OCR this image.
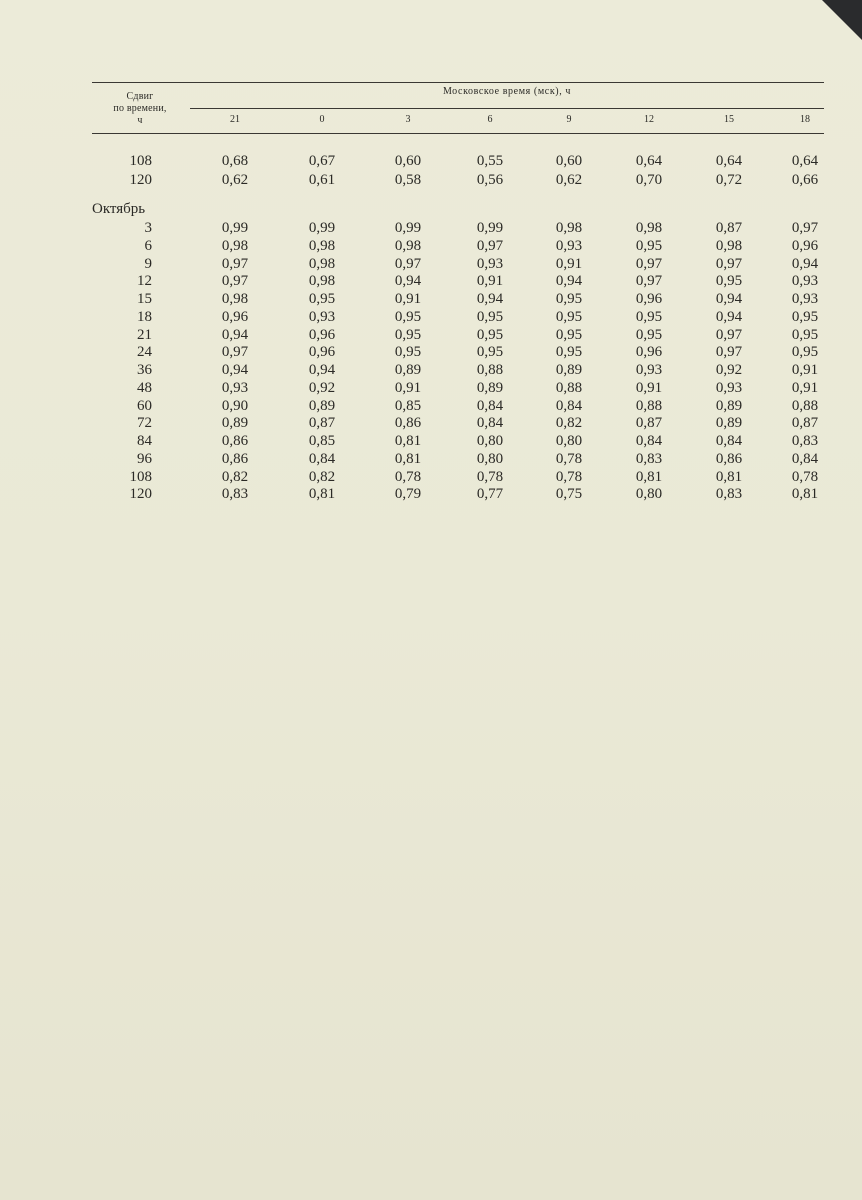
Сдвиг
по времени,
ч
Московское время (мск), ч
21	0	3	6	9	12	15	18
108	0,68	0,67	0,60	0,55	0,60	0,64	0,64	0,64
120	0,62	0,61	0,58	0,56	0,62	0,70	0,72	0,66
Октябрь
3	0,99	0,99	0,99	0,99	0,98	0,98	0,87	0,97
6	0,98	0,98	0,98	0,97	0,93	0,95	0,98	0,96
9	0,97	0,98	0,97	0,93	0,91	0,97	0,97	0,94
12	0,97	0,98	0,94	0,91	0,94	0,97	0,95	0,93
15	0,98	0,95	0,91	0,94	0,95	0,96	0,94	0,93
18	0,96	0,93	0,95	0,95	0,95	0,95	0,94	0,95
21	0,94	0,96	0,95	0,95	0,95	0,95	0,97	0,95
24	0,97	0,96	0,95	0,95	0,95	0,96	0,97	0,95
36	0,94	0,94	0,89	0,88	0,89	0,93	0,92	0,91
48	0,93	0,92	0,91	0,89	0,88	0,91	0,93	0,91
60	0,90	0,89	0,85	0,84	0,84	0,88	0,89	0,88
72	0,89	0,87	0,86	0,84	0,82	0,87	0,89	0,87
84	0,86	0,85	0,81	0,80	0,80	0,84	0,84	0,83
96	0,86	0,84	0,81	0,80	0,78	0,83	0,86	0,84
108	0,82	0,82	0,78	0,78	0,78	0,81	0,81	0,78
120	0,83	0,81	0,79	0,77	0,75	0,80	0,83	0,81
